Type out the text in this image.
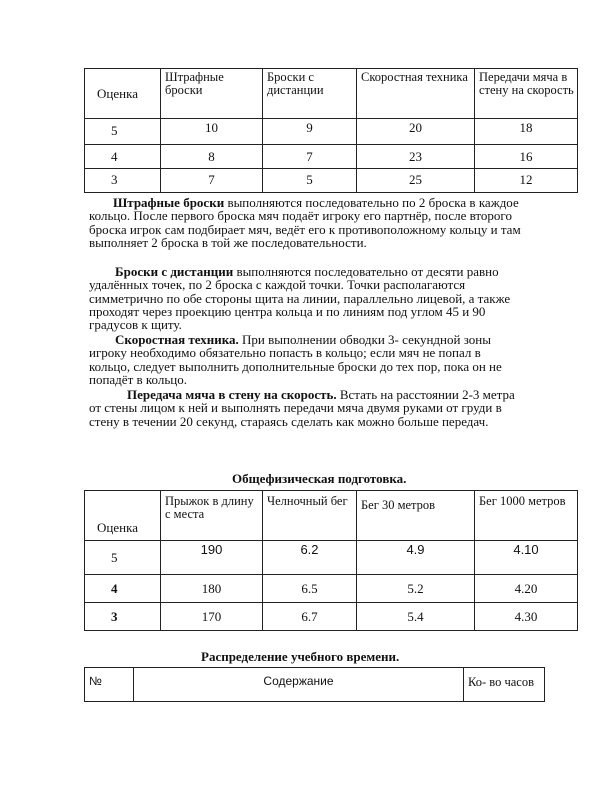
Оценка	Штрафные броски	Броски с дистанции	Скоростная техника	Передачи мяча в стену на скорость
5	10	9	20	18
4	8	7	23	16
3	7	5	25	12
Штрафные броски выполняются последовательно по 2 броска в каждое кольцо. После первого броска мяч подаёт игроку его партнёр, после второго броска игрок сам подбирает мяч, ведёт его к противоположному кольцу и там выполняет 2 броска в той же последовательности.
Броски с дистанции выполняются последовательно от десяти равно удалённых точек, по 2 броска с каждой точки. Точки располагаются симметрично по обе стороны щита на линии, параллельно лицевой, а также проходят через проекцию центра кольца и по линиям под углом 45 и 90 градусов к щиту.
Скоростная техника. При выполнении обводки 3- секундной зоны игроку необходимо обязательно попасть в кольцо; если мяч не попал в кольцо, следует выполнить дополнительные броски до тех пор, пока он не попадёт в кольцо.
Передача мяча в стену на скорость. Встать на расстоянии 2-3 метра от стены лицом к ней и выполнять передачи мяча двумя руками от груди в стену в течении 20 секунд, стараясь сделать как можно больше передач.
Общефизическая подготовка.
Оценка	Прыжок в длину с места	Челночный бег	Бег 30 метров	Бег 1000 метров
5	190	6.2	4.9	4.10
4	180	6.5	5.2	4.20
3	170	6.7	5.4	4.30
Распределение учебного времени.
№	Содержание	Ко- во часов
